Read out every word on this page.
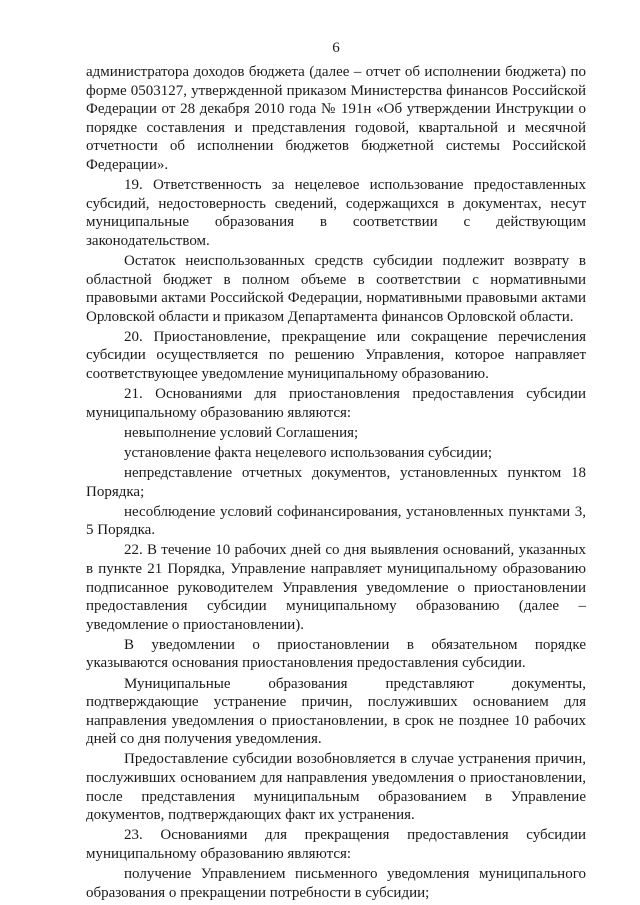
6

администратора доходов бюджета (далее – отчет об исполнении бюджета) по форме 0503127, утвержденной приказом Министерства финансов Российской Федерации от 28 декабря 2010 года № 191н «Об утверждении Инструкции о порядке составления и представления годовой, квартальной и месячной отчетности об исполнении бюджетов бюджетной системы Российской Федерации».

19. Ответственность за нецелевое использование предоставленных субсидий, недостоверность сведений, содержащихся в документах, несут муниципальные образования в соответствии с действующим законодательством.

Остаток неиспользованных средств субсидии подлежит возврату в областной бюджет в полном объеме в соответствии с нормативными правовыми актами Российской Федерации, нормативными правовыми актами Орловской области и приказом Департамента финансов Орловской области.

20. Приостановление, прекращение или сокращение перечисления субсидии осуществляется по решению Управления, которое направляет соответствующее уведомление муниципальному образованию.

21. Основаниями для приостановления предоставления субсидии муниципальному образованию являются:

невыполнение условий Соглашения;

установление факта нецелевого использования субсидии;

непредставление отчетных документов, установленных пунктом 18 Порядка;

несоблюдение условий софинансирования, установленных пунктами 3, 5 Порядка.

22. В течение 10 рабочих дней со дня выявления оснований, указанных в пункте 21 Порядка, Управление направляет муниципальному образованию подписанное руководителем Управления уведомление о приостановлении предоставления субсидии муниципальному образованию (далее – уведомление о приостановлении).

В уведомлении о приостановлении в обязательном порядке указываются основания приостановления предоставления субсидии.

Муниципальные образования представляют документы, подтверждающие устранение причин, послуживших основанием для направления уведомления о приостановлении, в срок не позднее 10 рабочих дней со дня получения уведомления.

Предоставление субсидии возобновляется в случае устранения причин, послуживших основанием для направления уведомления о приостановлении, после представления муниципальным образованием в Управление документов, подтверждающих факт их устранения.

23. Основаниями для прекращения предоставления субсидии муниципальному образованию являются:

получение Управлением письменного уведомления муниципального образования о прекращении потребности в субсидии;
